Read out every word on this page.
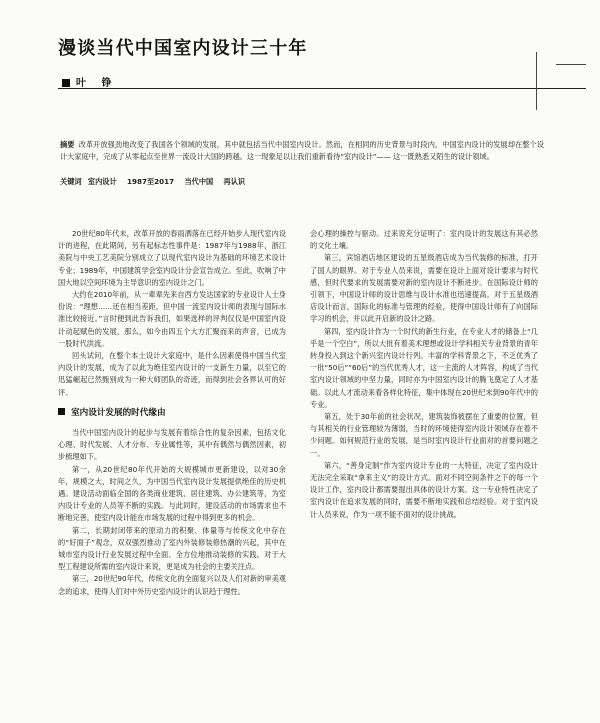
漫谈当代中国室内设计三十年
叶 铮
摘要 改革开放强劲地改变了我国各个领域的发展，其中就包括当代中国室内设计。然而，在相同的历史背景与时段内，中国室内设计的发展却在整个设计大家庭中，完成了从零起点至世界一流设计大国的跨越。这一现象足以让我们重新看待“室内设计”—— 这一既熟悉又陌生的设计领域。
关键词 室内设计 1987至2017 当代中国 再认识

20世纪80年代末，改革开放的春雨洒落在已经开始步入现代室内设计的进程，在此期间，另有起标志性事件是：1987年与1988年，浙江美院与中央工艺美院分别成立了以现代室内设计为基础的环境艺术设计专业；1989年，中国建筑学会室内设计分会宣告成立。至此，吹响了中国大地以空间环境为主导意识的室内设计之门。

大约在2010年前，从一辈辈先来自西方发达国家的专业设计人士身份说：“理想……还在相当差距，但中国一流室内设计师的表现与国际水准比较接近。”言时便到此告诉我们，如果选样的评判仅仅是中国室内设计动起赋色的发展，那么，如今由四五个大方汇聚而来的声音，已成为一股时代洪流。

回头试问，在整个本土设计大家庭中，是什么因素使得中国当代室内设计的发展，成为了以此为绝佳室内设计的一支新生力量，以至它的迅猛崛起已然甄别成为一种大师团队的奇迹，而得到社会各界认可的好评。

室内设计发展的时代缘由

当代中国室内设计的起步与发展有着综合性的复杂因素，包括文化心理、时代发展、人才分布、专业属性等，其中有偶然与偶然因素，初步梳理如下。

第一，从20世纪80年代开始的大规模城市更新建设，以对30余年，规模之大，时间之久，为中国当代室内设计发展提供绝佳的历史机遇。建设活动面临全国的各类商业建筑、居住建筑、办公建筑等，为室内设计专业的人员等不断的实践。与此同时，建设活动的市场需求也不断地完善，使室内设计能在市场发展的过程中得到更多的机会。

第二，长期封闭带来的原动力的积聚、体量等与传统文化中存在的“好面子”观念，双双强烈推动了室内外装修装修热潮的兴起，其中在城市室内设计行业发展过程中全面、全方位地推动装修的实践。对于大型工程建设所需的室内设计来说，更是成为社会的主要关注点。

第三，20世纪90年代，传统文化的全面复兴以及人们对新的审美观念的追求，使得人们对中外历史室内设计的认识趋于理性。

会心理的操控与驱动。过来说充分证明了：室内设计的发展这有其必然的文化土壤。

第三，宾馆酒店地区建设的五星级酒店成为当代装修的标准，打开了国人的眼界。对于专业人员来说，需要在设计上面对设计要求与时代感，但时代要求的发展需要对新的室内设计不断进步。在国际设计师的引领下，中国设计师的设计思维与设计水准也迅速提高。对于五星级酒店设计而言，国际化的标准与管理的经验，使得中国设计师有了向国际学习的机会，并以此开启新的设计之路。

第四，室内设计作为一个时代的新生行业，在专业人才的储备上“几乎是一个空白”，所以大批有着美术理想或设计学科相关专业背景的青年转身投入到这个新兴室内设计行列。丰富的学科背景之下，不乏优秀了一批“50后”“60后”的当代优秀人才，这一主流的人才阵容，构成了当代室内设计领域的中坚力量，同时亦为中国室内设计的腾飞奠定了人才基础。以此人才流动来看各样化特征，集中体现在20世纪末到90年代中的专业。

第五，处于30年前的社会状况，建筑装饰被摆在了重要的位置，但与其相关的行业管理较为薄弱，当时的环境使得室内设计领域存在着不少问题。如何规范行业的发展，是当时室内设计行业面对的首要问题之一。

第六，“善身定制”作为室内设计专业的一大特征，决定了室内设计无法完全采取“拿来主义”的设计方式。面对不同空间条件之下的每一个设计工作，室内设计都需要提出具体的设计方案。这一专业特性决定了室内设计在追求发展的同时，需要不断地实践和总结经验。对于室内设计人员来说，作为一项不能不面对的设计挑战。
